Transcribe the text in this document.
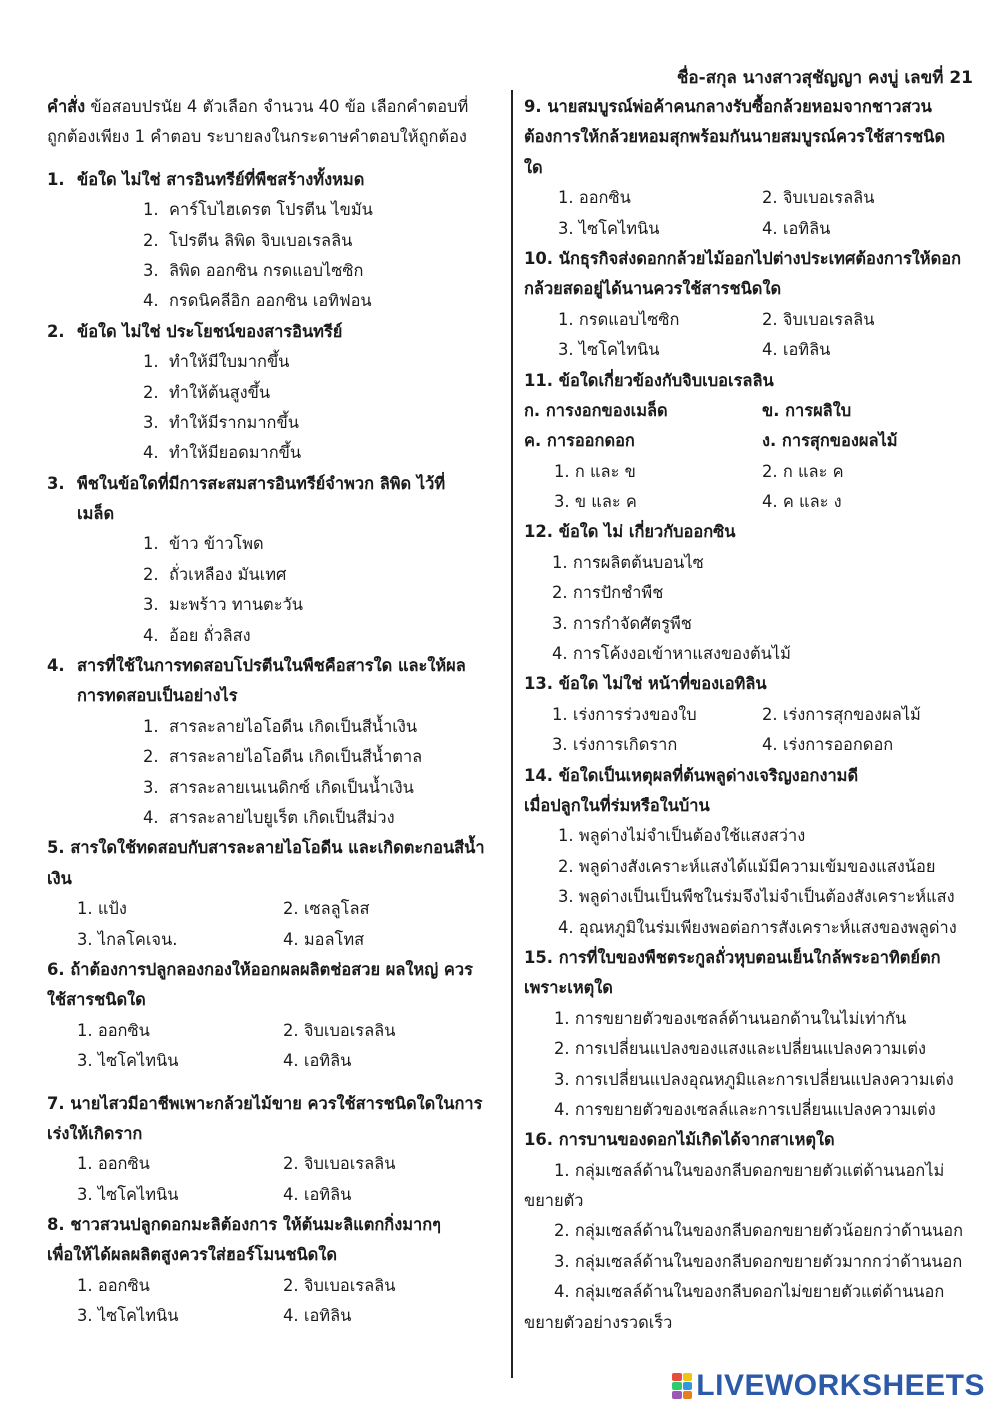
ชื่อ-สกุล นางสาวสุชัญญา คงบู่ เลขที่ 21
คำสั่ง ข้อสอบปรนัย 4 ตัวเลือก จำนวน 40 ข้อ เลือกคำตอบที่
ถูกต้องเพียง 1 คำตอบ ระบายลงในกระดาษคำตอบให้ถูกต้อง
1. ข้อใด ไม่ใช่ สารอินทรีย์ที่พืชสร้างทั้งหมด
1. คาร์โบไฮเดรต โปรตีน ไขมัน
2. โปรตีน ลิพิด จิบเบอเรลลิน
3. ลิพิด ออกซิน กรดแอบไซซิก
4. กรดนิคลีอิก ออกซิน เอทิฟอน
2. ข้อใด ไม่ใช่ ประโยชน์ของสารอินทรีย์
1. ทำให้มีใบมากขึ้น
2. ทำให้ต้นสูงขึ้น
3. ทำให้มีรากมากขึ้น
4. ทำให้มียอดมากขึ้น
3. พืชในข้อใดที่มีการสะสมสารอินทรีย์จำพวก ลิพิด ไว้ที่
เมล็ด
1. ข้าว ข้าวโพด
2. ถั่วเหลือง มันเทศ
3. มะพร้าว ทานตะวัน
4. อ้อย ถั่วลิสง
4. สารที่ใช้ในการทดสอบโปรตีนในพืชคือสารใด และให้ผล
การทดสอบเป็นอย่างไร
1. สารละลายไอโอดีน เกิดเป็นสีน้ำเงิน
2. สารละลายไอโอดีน เกิดเป็นสีน้ำตาล
3. สารละลายเนเนดิกซ์ เกิดเป็นน้ำเงิน
4. สารละลายไบยูเร็ต เกิดเป็นสีม่วง
5. สารใดใช้ทดสอบกับสารละลายไอโอดีน และเกิดตะกอนสีน้ำ
เงิน
1. แป้ง	2. เซลลูโลส
3. ไกลโคเจน.	4. มอลโทส
6. ถ้าต้องการปลูกลองกองให้ออกผลผลิตช่อสวย ผลใหญ่ ควร
ใช้สารชนิดใด
1. ออกซิน	2. จิบเบอเรลลิน
3. ไซโคไทนิน	4. เอทิลิน
7. นายไสวมีอาชีพเพาะกล้วยไม้ขาย ควรใช้สารชนิดใดในการ
เร่งให้เกิดราก
1. ออกซิน	2. จิบเบอเรลลิน
3. ไซโคไทนิน	4. เอทิลิน
8. ชาวสวนปลูกดอกมะลิต้องการ ให้ต้นมะลิแตกกิ่งมากๆ
เพื่อให้ได้ผลผลิตสูงควรใส่ฮอร์โมนชนิดใด
1. ออกซิน	2. จิบเบอเรลลิน
3. ไซโคไทนิน	4. เอทิลิน
9. นายสมบูรณ์พ่อค้าคนกลางรับซื้อกล้วยหอมจากชาวสวน
ต้องการให้กล้วยหอมสุกพร้อมกันนายสมบูรณ์ควรใช้สารชนิด
ใด
1. ออกซิน	2. จิบเบอเรลลิน
3. ไซโคไทนิน	4. เอทิลิน
10. นักธุรกิจส่งดอกกล้วยไม้ออกไปต่างประเทศต้องการให้ดอก
กล้วยสดอยู่ได้นานควรใช้สารชนิดใด
1. กรดแอบไซซิก	2. จิบเบอเรลลิน
3. ไซโคไทนิน	4. เอทิลิน
11. ข้อใดเกี่ยวข้องกับจิบเบอเรลลิน
ก. การงอกของเมล็ด	ข. การผลิใบ
ค. การออกดอก	ง. การสุกของผลไม้
1. ก และ ข	2. ก และ ค
3. ข และ ค	4. ค และ ง
12. ข้อใด ไม่ เกี่ยวกับออกซิน
1. การผลิตต้นบอนไซ
2. การปักชำพืช
3. การกำจัดศัตรูพืช
4. การโค้งงอเข้าหาแสงของต้นไม้
13. ข้อใด ไม่ใช่ หน้าที่ของเอทิลิน
1. เร่งการร่วงของใบ	2. เร่งการสุกของผลไม้
3. เร่งการเกิดราก	4. เร่งการออกดอก
14. ข้อใดเป็นเหตุผลที่ต้นพลูด่างเจริญงอกงามดี
เมื่อปลูกในที่ร่มหรือในบ้าน
1. พลูด่างไม่จำเป็นต้องใช้แสงสว่าง
2. พลูด่างสังเคราะห์แสงได้แม้มีความเข้มของแสงน้อย
3. พลูด่างเป็นเป็นพืชในร่มจึงไม่จำเป็นต้องสังเคราะห์แสง
4. อุณหภูมิในร่มเพียงพอต่อการสังเคราะห์แสงของพลูด่าง
15. การที่ใบของพืชตระกูลถั่วหุบตอนเย็นใกล้พระอาทิตย์ตก
เพราะเหตุใด
1. การขยายตัวของเซลล์ด้านนอกด้านในไม่เท่ากัน
2. การเปลี่ยนแปลงของแสงและเปลี่ยนแปลงความเต่ง
3. การเปลี่ยนแปลงอุณหภูมิและการเปลี่ยนแปลงความเต่ง
4. การขยายตัวของเซลล์และการเปลี่ยนแปลงความเต่ง
16. การบานของดอกไม้เกิดได้จากสาเหตุใด
1. กลุ่มเซลล์ด้านในของกลีบดอกขยายตัวแต่ด้านนอกไม่
ขยายตัว
2. กลุ่มเซลล์ด้านในของกลีบดอกขยายตัวน้อยกว่าด้านนอก
3. กลุ่มเซลล์ด้านในของกลีบดอกขยายตัวมากกว่าด้านนอก
4. กลุ่มเซลล์ด้านในของกลีบดอกไม่ขยายตัวแต่ด้านนอก
ขยายตัวอย่างรวดเร็ว
LIVEWORKSHEETS
